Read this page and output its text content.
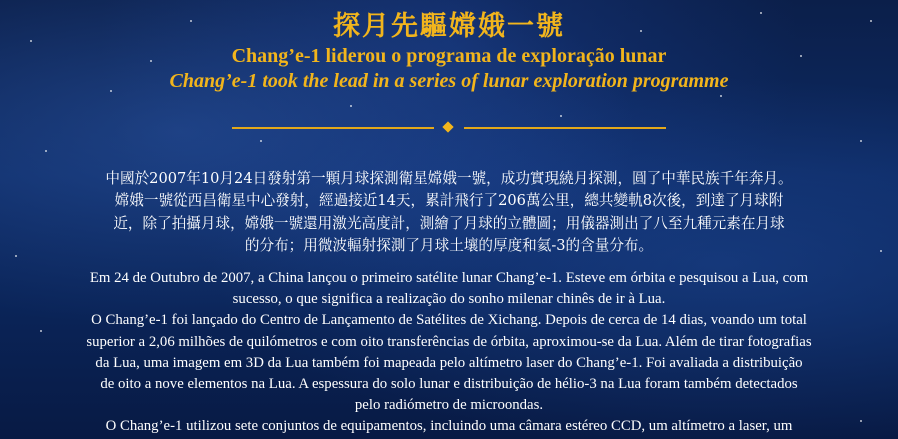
探月先驅嫦娥一號
Chang’e-1 liderou o programa de exploração lunar
Chang’e-1 took the lead in a series of lunar exploration programme

中國於2007年10月24日發射第一顆月球探測衛星嫦娥一號，成功實現繞月探測，圓了中華民族千年奔月。

嫦娥一號從西昌衛星中心發射，經過接近14天，累計飛行了206萬公里，總共變軌8次後，到達了月球附

近，除了拍攝月球，嫦娥一號還用激光高度計，測繪了月球的立體圖；用儀器測出了八至九種元素在月球

的分布；用微波輻射探測了月球土壤的厚度和氦-3的含量分布。

Em 24 de Outubro de 2007, a China lançou o primeiro satélite lunar Chang’e-1. Esteve em órbita e pesquisou a Lua, com

sucesso, o que significa a realização do sonho milenar chinês de ir à Lua.

O Chang’e-1 foi lançado do Centro de Lançamento de Satélites de Xichang. Depois de cerca de 14 dias, voando um total

superior a 2,06 milhões de quilómetros e com oito transferências de órbita, aproximou-se da Lua. Além de tirar fotografias

da Lua, uma imagem em 3D da Lua também foi mapeada pelo altímetro laser do Chang’e-1. Foi avaliada a distribuição

de oito a nove elementos na Lua. A espessura do solo lunar e distribuição de hélio-3 na Lua foram também detectados

pelo radiómetro de microondas.

O Chang’e-1 utilizou sete conjuntos de equipamentos, incluindo uma câmara estéreo CCD, um altímetro a laser, um
